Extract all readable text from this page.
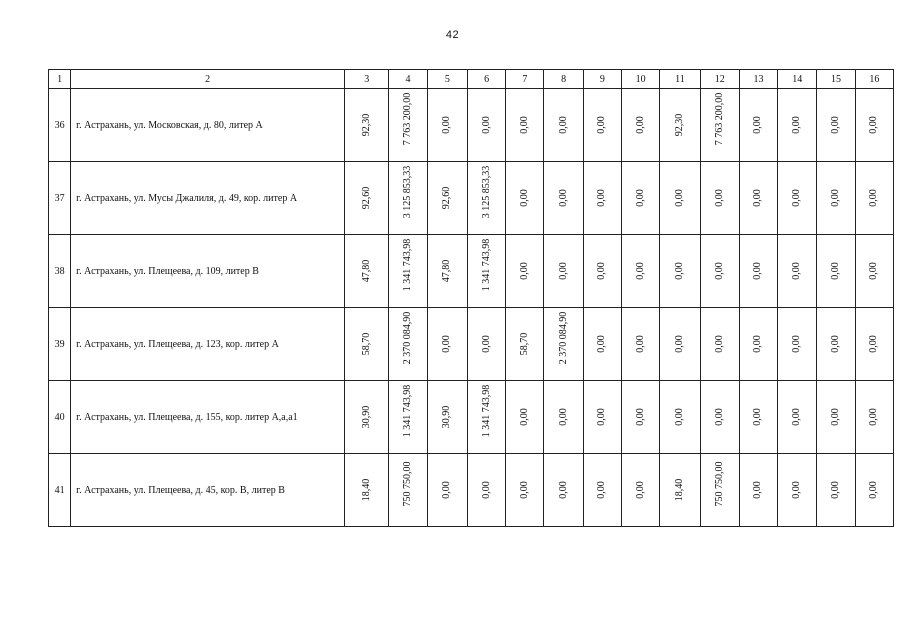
42
1	2	3	4	5	6	7	8	9	10	11	12	13	14	15	16
36	г. Астрахань, ул. Московская, д. 80, литер А	92,30	7 763 200,00	0,00	0,00	0,00	0,00	0,00	0,00	92,30	7 763 200,00	0,00	0,00	0,00	0,00

37	г. Астрахань, ул. Мусы Джалиля, д. 49, кор. литер А	92,60	3 125 853,33	92,60	3 125 853,33	0,00	0,00	0,00	0,00	0,00	0,00	0,00	0,00	0,00	0,00

38	г. Астрахань, ул. Плещеева, д. 109, литер В	47,80	1 341 743,98	47,80	1 341 743,98	0,00	0,00	0,00	0,00	0,00	0,00	0,00	0,00	0,00	0,00

39	г. Астрахань, ул. Плещеева, д. 123, кор. литер А	58,70	2 370 084,90	0,00	0,00	58,70	2 370 084,90	0,00	0,00	0,00	0,00	0,00	0,00	0,00	0,00

40	г. Астрахань, ул. Плещеева, д. 155, кор. литер А,а,а1	30,90	1 341 743,98	30,90	1 341 743,98	0,00	0,00	0,00	0,00	0,00	0,00	0,00	0,00	0,00	0,00

41	г. Астрахань, ул. Плещеева, д. 45, кор. В, литер В	18,40	750 750,00	0,00	0,00	0,00	0,00	0,00	0,00	18,40	750 750,00	0,00	0,00	0,00	0,00
